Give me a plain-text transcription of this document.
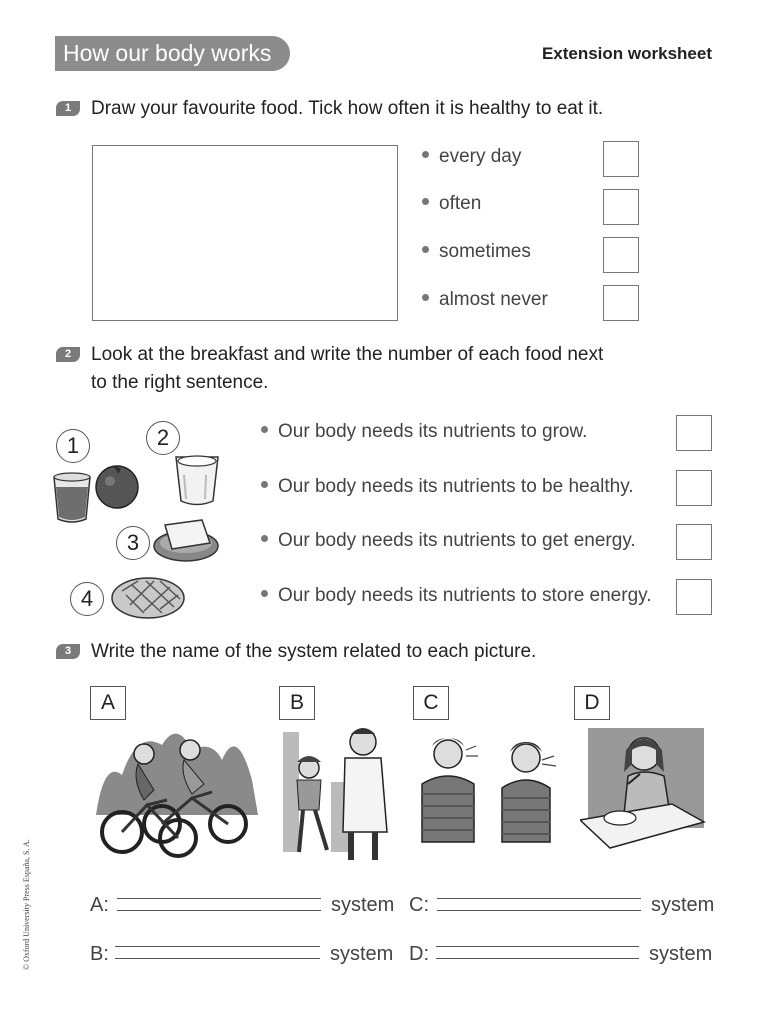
How our body works	Extension worksheet
1	Draw your favourite food. Tick how often it is healthy to eat it.
every day
often
sometimes
almost never
2	Look at the breakfast and write the number of each food next
to the right sentence.
1	2
3
4
Our body needs its nutrients to grow.
Our body needs its nutrients to be healthy.
Our body needs its nutrients to get energy.
Our body needs its nutrients to store energy.
3	Write the name of the system related to each picture.
A	B	C	D
A:	system C:	system
B:	system D:	system
© Oxford University Press España, S. A.
